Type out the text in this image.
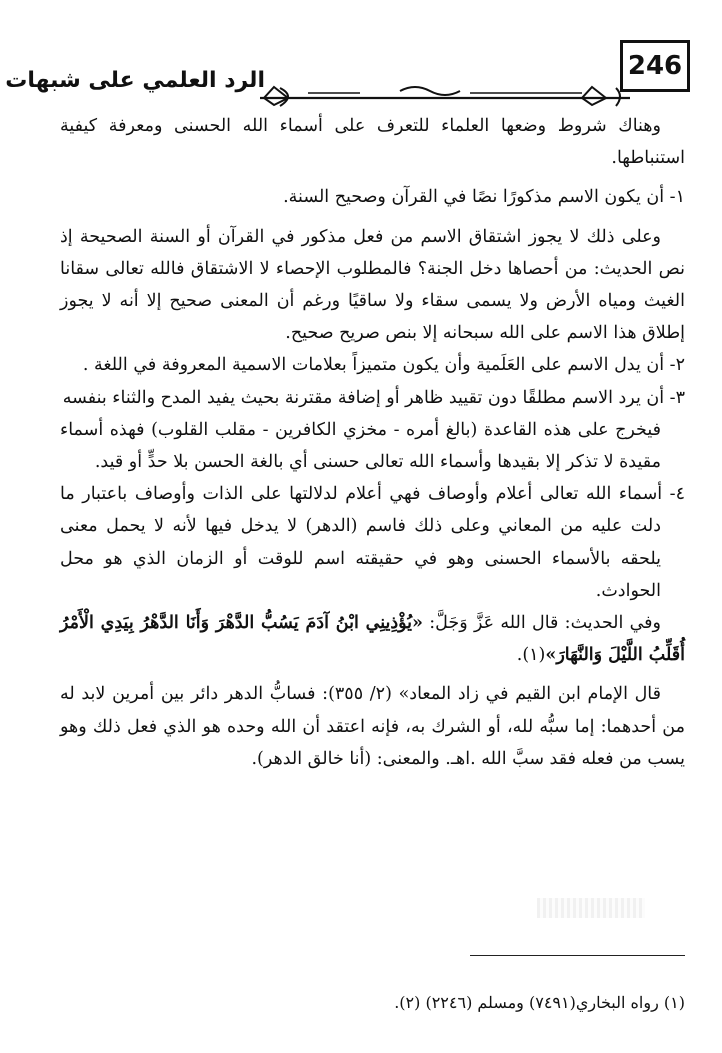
246
الرد العلمي على شبهات

وهناك شروط وضعها العلماء للتعرف على أسماء الله الحسنى ومعرفة كيفية استنباطها.

١- أن يكون الاسم مذكورًا نصًا في القرآن وصحيح السنة.

وعلى ذلك لا يجوز اشتقاق الاسم من فعل مذكور في القرآن أو السنة الصحيحة إذ نص الحديث: من أحصاها دخل الجنة؟ فالمطلوب الإحصاء لا الاشتقاق فالله تعالى سقانا الغيث ومياه الأرض ولا يسمى سقاء ولا ساقيًا ورغم أن المعنى صحيح إلا أنه لا يجوز إطلاق هذا الاسم على الله سبحانه إلا بنص صريح صحيح.

٢- أن يدل الاسم على العَلَمية وأن يكون متميزاً بعلامات الاسمية المعروفة في اللغة .

٣- أن يرد الاسم مطلقًا دون تقييد ظاهر أو إضافة مقترنة بحيث يفيد المدح والثناء بنفسه

فيخرج على هذه القاعدة (بالغ أمره - مخزي الكافرين - مقلب القلوب) فهذه أسماء مقيدة لا تذكر إلا بقيدها وأسماء الله تعالى حسنى أي بالغة الحسن بلا حدٍّ أو قيد.

٤- أسماء الله تعالى أعلام وأوصاف فهي أعلام لدلالتها على الذات وأوصاف باعتبار ما دلت عليه من المعاني وعلى ذلك فاسم (الدهر) لا يدخل فيها لأنه لا يحمل معنى يلحقه بالأسماء الحسنى وهو في حقيقته اسم للوقت أو الزمان الذي هو محل الحوادث.

وفي الحديث: قال الله عَزَّ وَجَلَّ: «يُؤْذِينِي ابْنُ آدَمَ يَسُبُّ الدَّهْرَ وَأَنَا الدَّهْرُ بِيَدِي الْأَمْرُ أُقَلِّبُ اللَّيْلَ وَالنَّهَارَ»(١).

قال الإمام ابن القيم في زاد المعاد» (٢/ ٣٥٥): فسابُّ الدهر دائر بين أمرين لابد له من أحدهما: إما سبُّه لله، أو الشرك به، فإنه اعتقد أن الله وحده هو الذي فعل ذلك وهو يسب من فعله فقد سبَّ الله .اهـ. والمعنى: (أنا خالق الدهر).

(١) رواه البخاري(٧٤٩١) ومسلم (٢٢٤٦) (٢).
